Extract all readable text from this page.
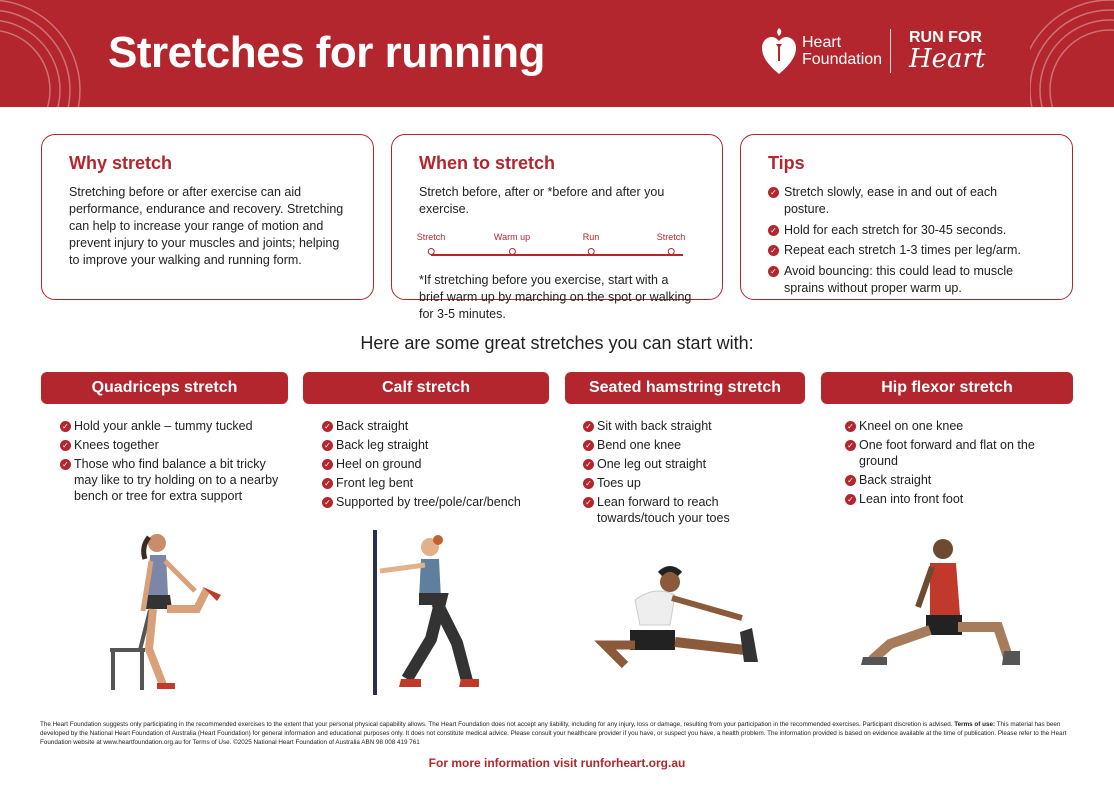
Stretches for running	Heart Foundation
RUN FOR
Heart
Why stretch

Stretching before or after exercise can aid performance, endurance and recovery. Stretching can help to increase your range of motion and prevent injury to your muscles and joints; helping to improve your walking and running form.

When to stretch

Stretch before, after or *before and after you exercise.

Stretch	Warm up	Run	Stretch

*If stretching before you exercise, start with a brief warm up by marching on the spot or walking for 3-5 minutes.

Tips
✓ Stretch slowly, ease in and out of each posture.
✓ Hold for each stretch for 30-45 seconds.
✓ Repeat each stretch 1-3 times per leg/arm.
✓ Avoid bouncing: this could lead to muscle sprains without proper warm up.
Here are some great stretches you can start with:
Quadriceps stretch	Calf stretch	Seated hamstring stretch	Hip flexor stretch
✓ Hold your ankle – tummy tucked
✓ Knees together
✓ Those who find balance a bit tricky may like to try holding on to a nearby bench or tree for extra support
✓ Back straight
✓ Back leg straight
✓ Heel on ground
✓ Front leg bent
✓ Supported by tree/pole/car/bench
✓ Sit with back straight
✓ Bend one knee
✓ One leg out straight
✓ Toes up
✓ Lean forward to reach towards/touch your toes
✓ Kneel on one knee
✓ One foot forward and flat on the ground
✓ Back straight
✓ Lean into front foot
The Heart Foundation suggests only participating in the recommended exercises to the extent that your personal physical capability allows. The Heart Foundation does not accept any liability, including for any injury, loss or damage, resulting from your participation in the recommended exercises. Participant discretion is advised. Terms of use: This material has been developed by the National Heart Foundation of Australia (Heart Foundation) for general information and educational purposes only. It does not constitute medical advice. Please consult your healthcare provider if you have, or suspect you have, a health problem. The information provided is based on evidence available at the time of publication. Please refer to the Heart Foundation website at www.heartfoundation.org.au for Terms of Use. ©2025 National Heart Foundation of Australia ABN 98 008 419 761
For more information visit runforheart.org.au
